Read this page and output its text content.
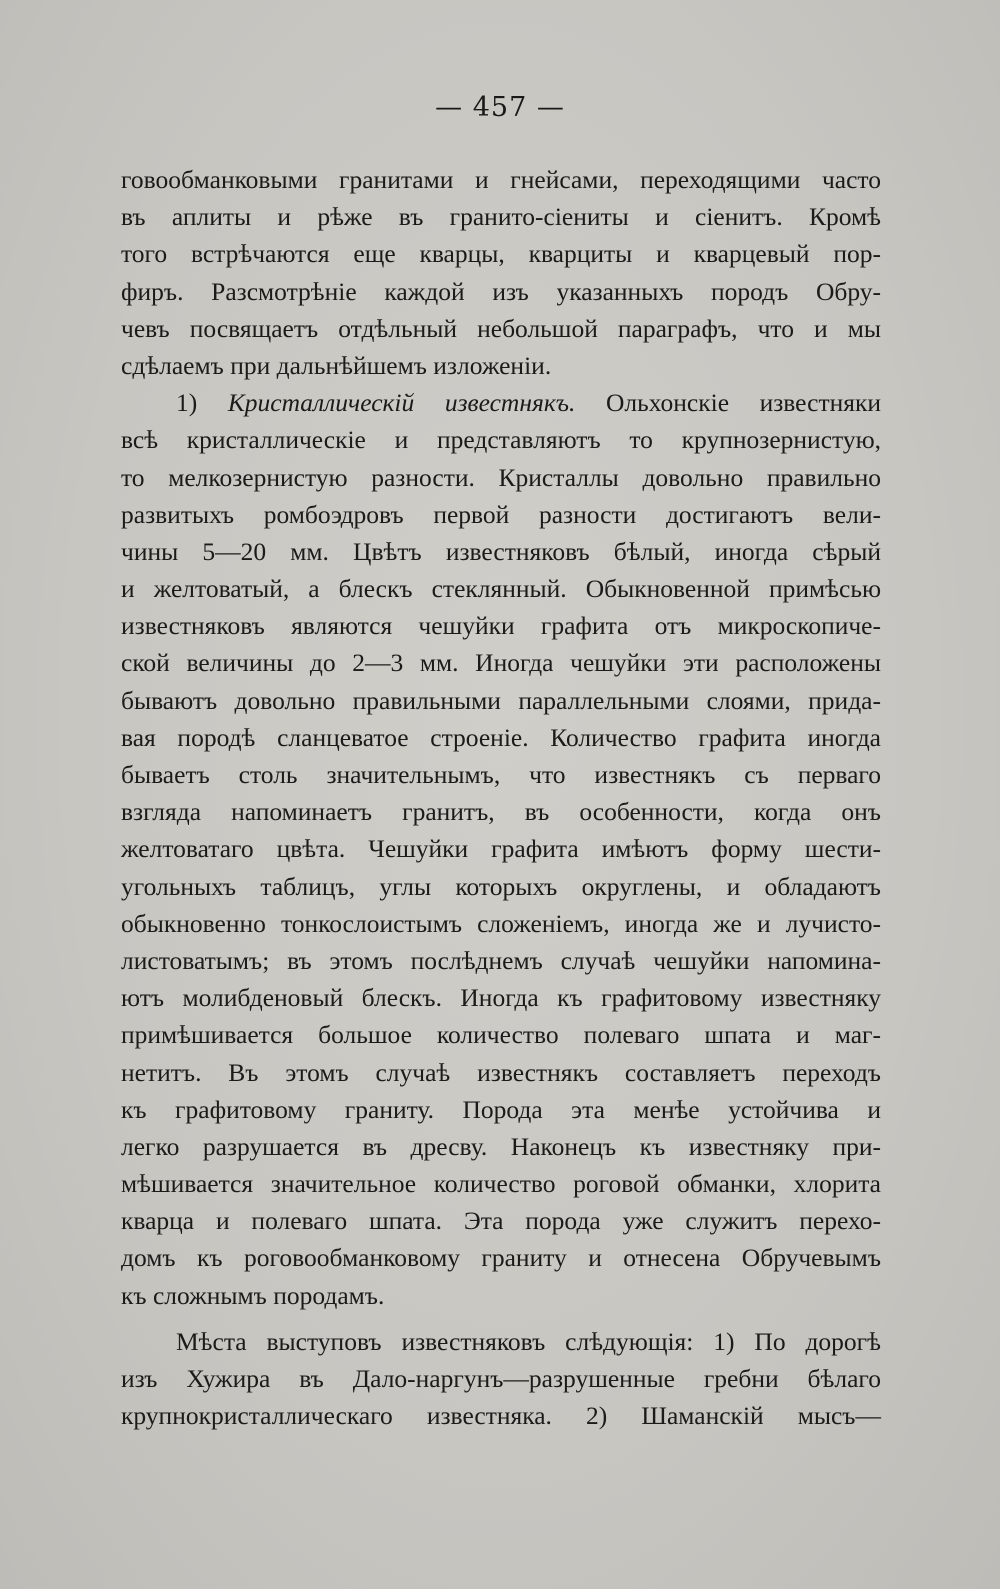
— 457 —
говообманковыми гранитами и гнейсами, переходящими часто
въ аплиты и рѣже въ гранито-сіениты и сіенитъ. Кромѣ
того встрѣчаются еще кварцы, кварциты и кварцевый пор-
фиръ. Разсмотрѣніе каждой изъ указанныхъ породъ Обру-
чевъ посвящаетъ отдѣльный небольшой параграфъ, что и мы
сдѣлаемъ при дальнѣйшемъ изложеніи.
1) Кристаллическій известнякъ. Ольхонскіе известняки
всѣ кристаллическіе и представляютъ то крупнозернистую,
то мелкозернистую разности. Кристаллы довольно правильно
развитыхъ ромбоэдровъ первой разности достигаютъ вели-
чины 5—20 мм. Цвѣтъ известняковъ бѣлый, иногда сѣрый
и желтоватый, а блескъ стеклянный. Обыкновенной примѣсью
известняковъ являются чешуйки графита отъ микроскопиче-
ской величины до 2—3 мм. Иногда чешуйки эти расположены
бываютъ довольно правильными параллельными слоями, прида-
вая породѣ сланцеватое строеніе. Количество графита иногда
бываетъ столь значительнымъ, что известнякъ съ перваго
взгляда напоминаетъ гранитъ, въ особенности, когда онъ
желтоватаго цвѣта. Чешуйки графита имѣютъ форму шести-
угольныхъ таблицъ, углы которыхъ округлены, и обладаютъ
обыкновенно тонкослоистымъ сложеніемъ, иногда же и лучисто-
листоватымъ; въ этомъ послѣднемъ случаѣ чешуйки напомина-
ютъ молибденовый блескъ. Иногда къ графитовому известняку
примѣшивается большое количество полеваго шпата и маг-
нетитъ. Въ этомъ случаѣ известнякъ составляетъ переходъ
къ графитовому граниту. Порода эта менѣе устойчива и
легко разрушается въ дресву. Наконецъ къ известняку при-
мѣшивается значительное количество роговой обманки, хлорита
кварца и полеваго шпата. Эта порода уже служитъ перехо-
домъ къ роговообманковому граниту и отнесена Обручевымъ
къ сложнымъ породамъ.
Мѣста выступовъ известняковъ слѣдующія: 1) По дорогѣ
изъ Хужира въ Дало-наргунъ—разрушенные гребни бѣлаго
крупнокристаллическаго известняка. 2) Шаманскій мысъ—
